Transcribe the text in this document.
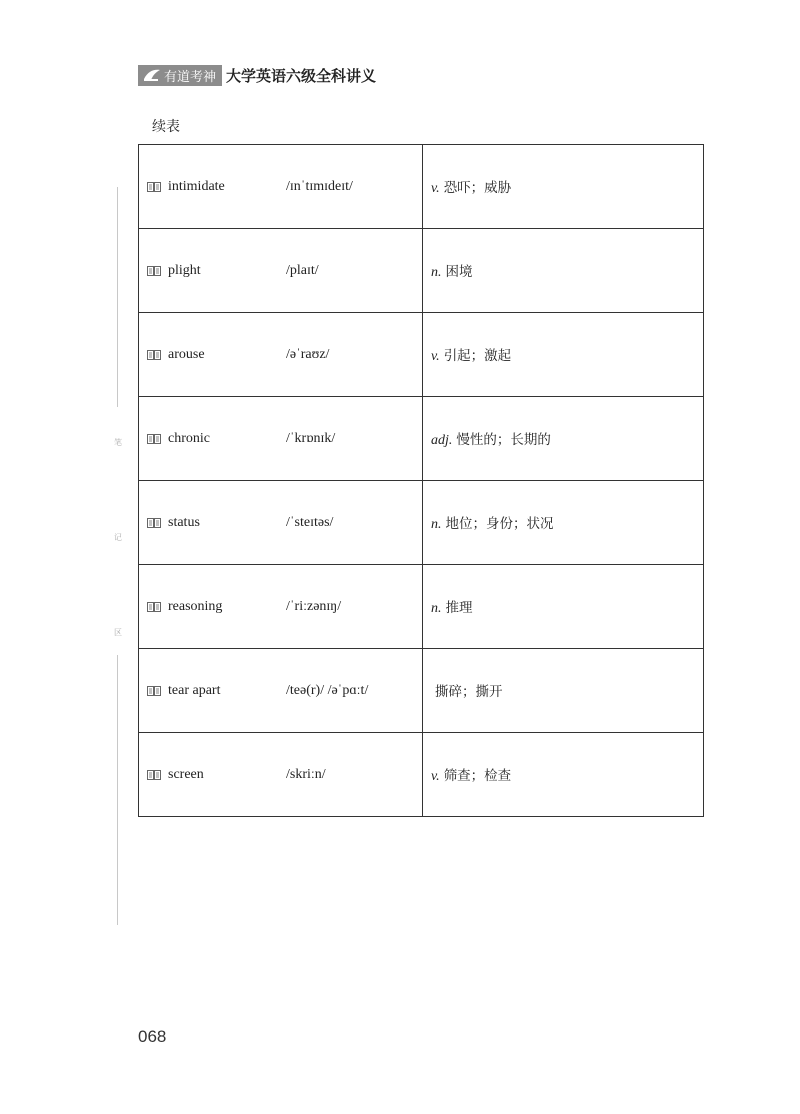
有道考神 大学英语六级全科讲义
续表
笔
记
区
intimidate /ɪnˈtɪmɪdeɪt/	v. 恐吓；威胁

plight /plaɪt/	n. 困境

arouse /əˈraʊz/	v. 引起；激起

chronic /ˈkrɒnɪk/	adj. 慢性的；长期的

status /ˈsteɪtəs/	n. 地位；身份；状况

reasoning /ˈriːzənɪŋ/	n. 推理

tear apart /teə(r)/ /əˈpɑːt/	撕碎；撕开

screen /skriːn/	v. 筛查；检查
068
